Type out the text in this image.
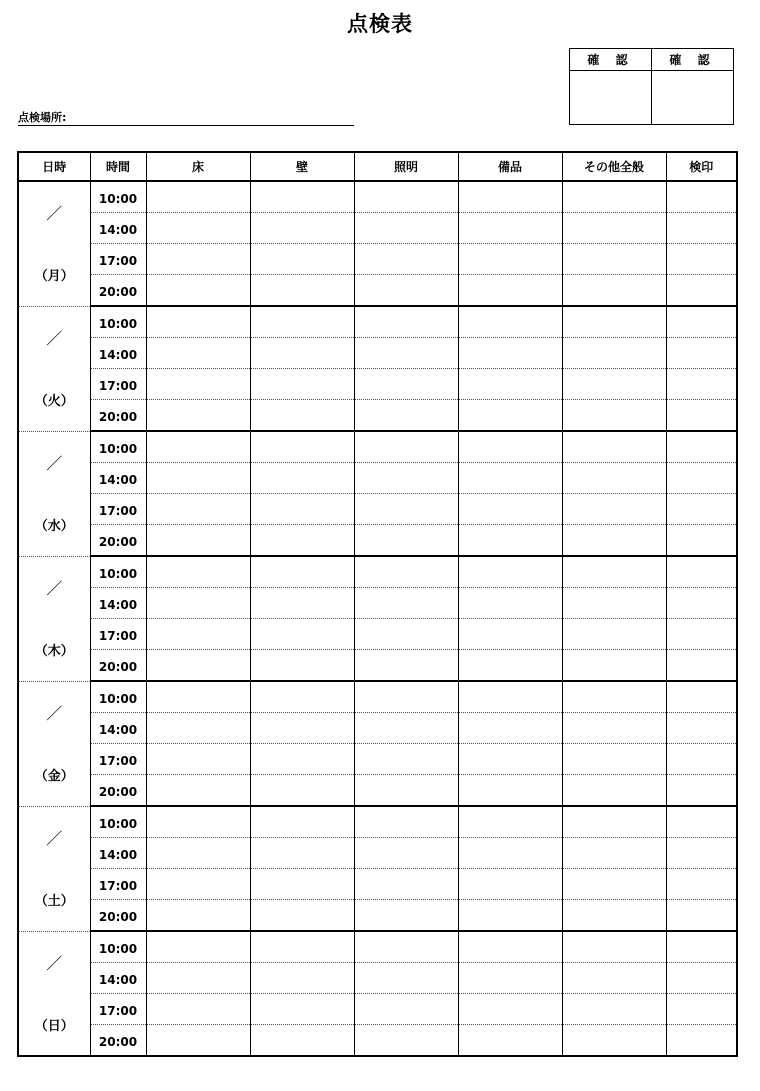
点検表
確 認	確 認

点検場所:
日時	時間	床	壁	照明	備品	その他全般	検印
／	10:00						
	14:00						
（月）	17:00						
	20:00						
／	10:00						
	14:00						
（火）	17:00						
	20:00						
／	10:00						
	14:00						
（水）	17:00						
	20:00						
／	10:00						
	14:00						
（木）	17:00						
	20:00						
／	10:00						
	14:00						
（金）	17:00						
	20:00						
／	10:00						
	14:00						
（土）	17:00						
	20:00						
／	10:00						
	14:00						
（日）	17:00						
	20:00						
